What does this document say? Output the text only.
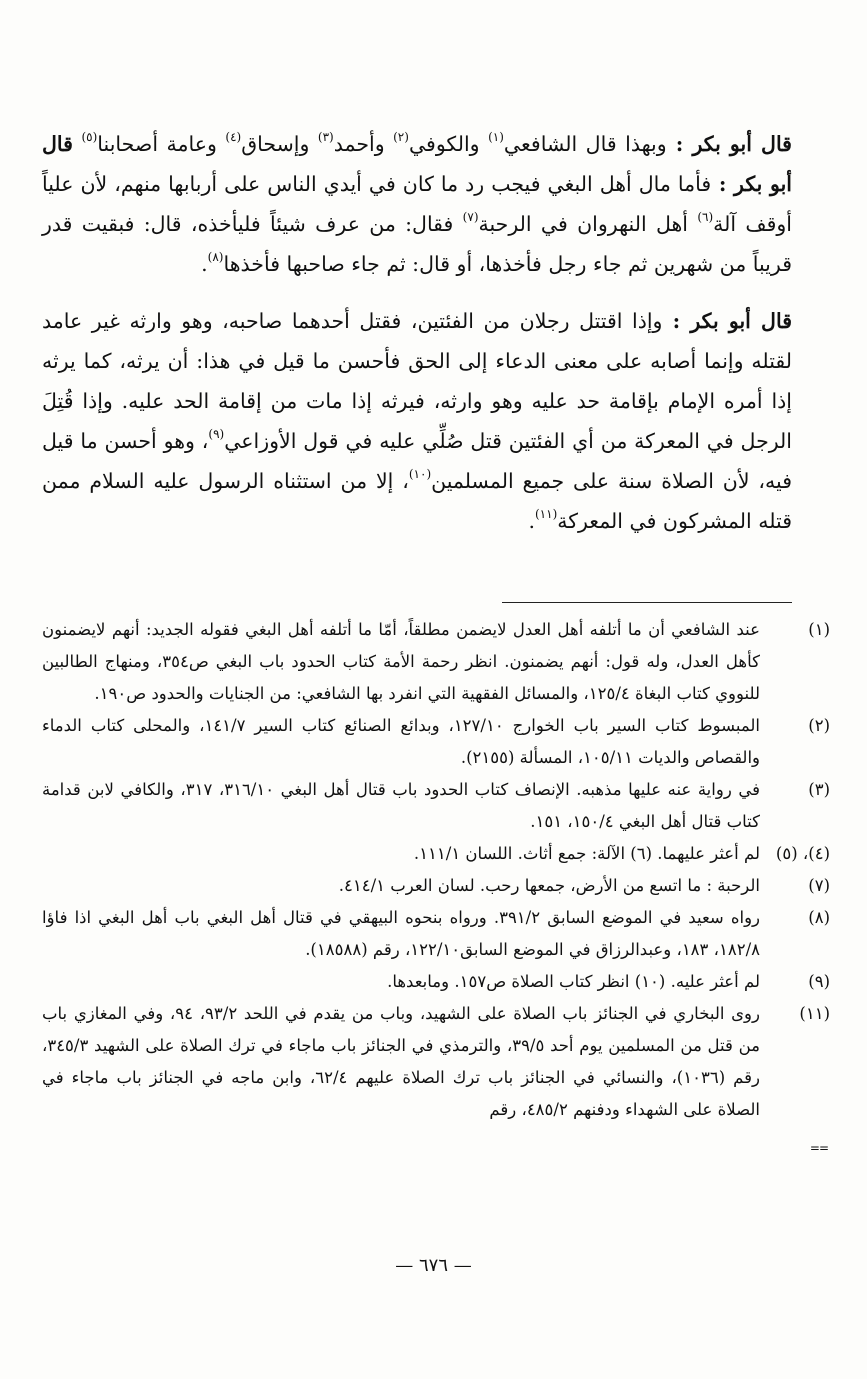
قال أبو بكر : وبهذا قال الشافعي$^{(١)}$ والكوفي$^{(٢)}$ وأحمد$^{(٣)}$ وإسحاق$^{(٤)}$ وعامة أصحابنا$^{(٥)}$ قال أبو بكر : فأما مال أهل البغي فيجب رد ما كان في أيدي الناس على أربابها منهم، لأن علياً أوقف آلة$^{(٦)}$ أهل النهروان في الرحبة$^{(٧)}$ فقال: من عرف شيئاً فليأخذه، قال: فبقيت قدر قريباً من شهرين ثم جاء رجل فأخذها، أو قال: ثم جاء صاحبها فأخذها$^{(٨)}$.

قال أبو بكر : وإذا اقتتل رجلان من الفئتين، فقتل أحدهما صاحبه، وهو وارثه غير عامد لقتله وإنما أصابه على معنى الدعاء إلى الحق فأحسن ما قيل في هذا: أن يرثه، كما يرثه إذا أمره الإمام بإقامة حد عليه وهو وارثه، فيرثه إذا مات من إقامة الحد عليه. وإذا قُتِلَ الرجل في المعركة من أي الفئتين قتل صُلِّي عليه في قول الأوزاعي$^{(٩)}$، وهو أحسن ما قيل فيه، لأن الصلاة سنة على جميع المسلمين$^{(١٠)}$، إلا من استثناه الرسول عليه السلام ممن قتله المشركون في المعركة$^{(١١)}$.

(١)
عند الشافعي أن ما أتلفه أهل العدل لايضمن مطلقاً، أمّا ما أتلفه أهل البغي فقوله الجديد: أنهم لايضمنون كأهل العدل، وله قول: أنهم يضمنون. انظر رحمة الأمة كتاب الحدود باب البغي ص٣٥٤، ومنهاج الطالبين للنووي كتاب البغاة ١٢٥/٤، والمسائل الفقهية التي انفرد بها الشافعي: من الجنايات والحدود ص١٩٠.
(٢)
المبسوط كتاب السير باب الخوارج ١٢٧/١٠، وبدائع الصنائع كتاب السير ١٤١/٧، والمحلى كتاب الدماء والقصاص والديات ١٠٥/١١، المسألة (٢١٥٥).
(٣)
في رواية عنه عليها مذهبه. الإنصاف كتاب الحدود باب قتال أهل البغي ٣١٦/١٠، ٣١٧، والكافي لابن قدامة كتاب قتال أهل البغي ١٥٠/٤، ١٥١.
(٤)، (٥)
لم أعثر عليهما. (٦) الآلة: جمع أثاث. اللسان ١١١/١.
(٧)
الرحبة : ما اتسع من الأرض، جمعها رحب. لسان العرب ٤١٤/١.
(٨)
رواه سعيد في الموضع السابق ٣٩١/٢. ورواه بنحوه البيهقي في قتال أهل البغي باب أهل البغي اذا فاؤا ١٨٢/٨، ١٨٣، وعبدالرزاق في الموضع السابق١٢٢/١٠، رقم (١٨٥٨٨).
(٩)
لم أعثر عليه. (١٠) انظر كتاب الصلاة ص١٥٧. ومابعدها.
(١١)
روى البخاري في الجنائز باب الصلاة على الشهيد، وباب من يقدم في اللحد ٩٣/٢، ٩٤، وفي المغازي باب من قتل من المسلمين يوم أحد ٣٩/٥، والترمذي في الجنائز باب ماجاء في ترك الصلاة على الشهيد ٣٤٥/٣، رقم (١٠٣٦)، والنسائي في الجنائز باب ترك الصلاة عليهم ٦٢/٤، وابن ماجه في الجنائز باب ماجاء في الصلاة على الشهداء ودفنهم ٤٨٥/٢، رقم
==
— ٦٧٦ —
